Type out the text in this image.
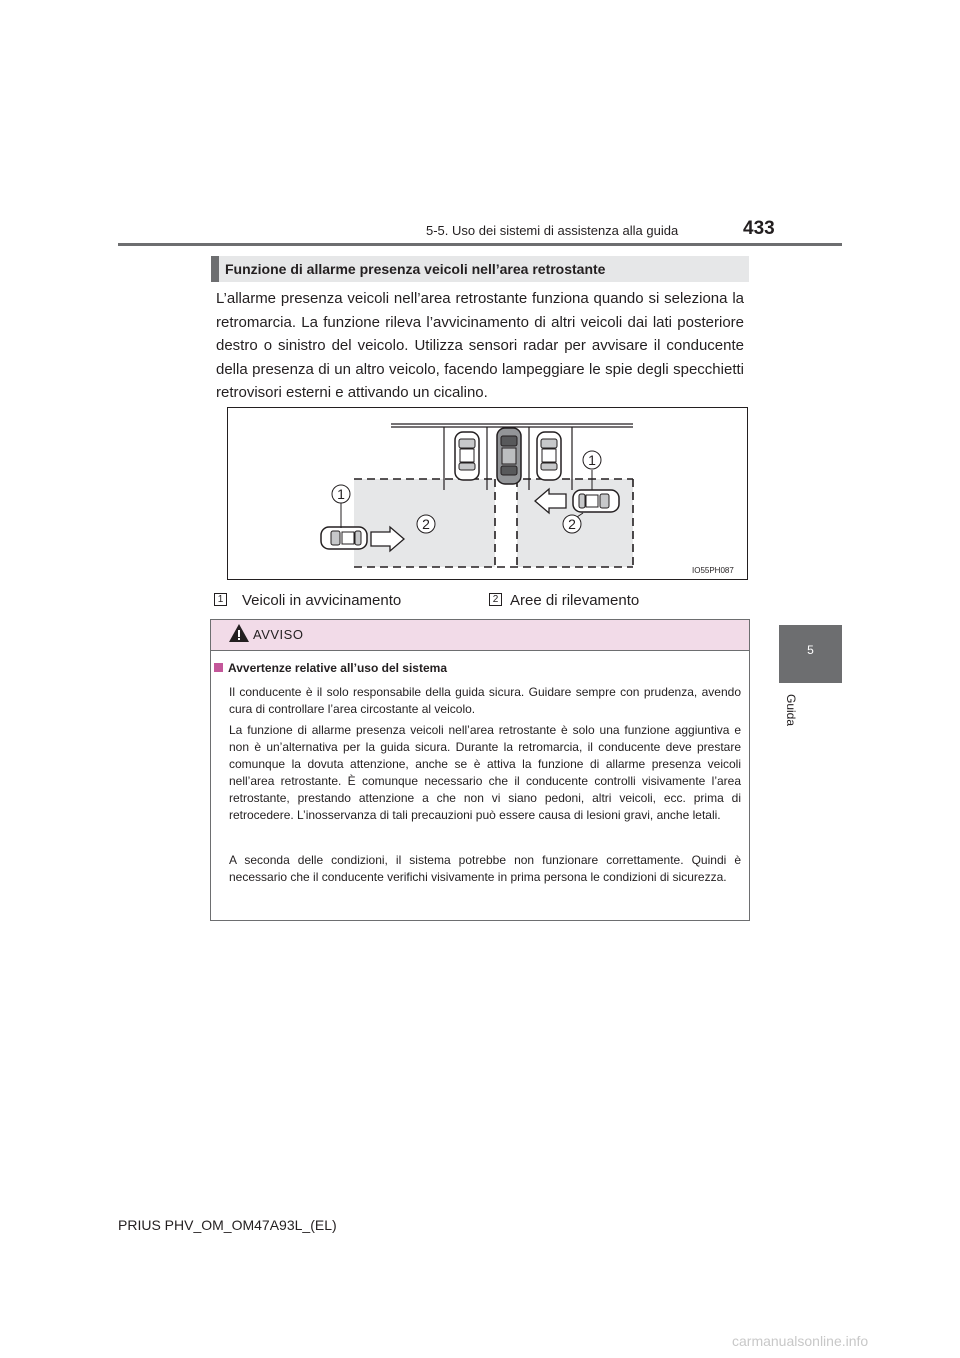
5-5. Uso dei sistemi di assistenza alla guida	433
5
Guida
Funzione di allarme presenza veicoli nell’area retrostante
L’allarme presenza veicoli nell’area retrostante funziona quando si seleziona la retromarcia. La funzione rileva l’avvicinamento di altri veicoli dai lati posteriore destro o sinistro del veicolo. Utilizza sensori radar per avvisare il conducente della presenza di un altro veicolo, facendo lampeggiare le spie degli specchietti retrovisori esterni e attivando un cicalino.
1
1
2	2
IO55PH087
1 Veicoli in avvicinamento	2 Aree di rilevamento
AVVISO
Avvertenze relative all’uso del sistema
Il conducente è il solo responsabile della guida sicura. Guidare sempre con prudenza, avendo cura di controllare l’area circostante al veicolo.
La funzione di allarme presenza veicoli nell’area retrostante è solo una funzione aggiuntiva e non è un’alternativa per la guida sicura. Durante la retromarcia, il conducente deve prestare comunque la dovuta attenzione, anche se è attiva la funzione di allarme presenza veicoli nell’area retrostante. È comunque necessario che il conducente controlli visivamente l’area retrostante, prestando attenzione a che non vi siano pedoni, altri veicoli, ecc. prima di retrocedere. L’inosservanza di tali precauzioni può essere causa di lesioni gravi, anche letali.
A seconda delle condizioni, il sistema potrebbe non funzionare correttamente. Quindi è necessario che il conducente verifichi visivamente in prima persona le condizioni di sicurezza.
PRIUS PHV_OM_OM47A93L_(EL)
carmanualsonline.info
